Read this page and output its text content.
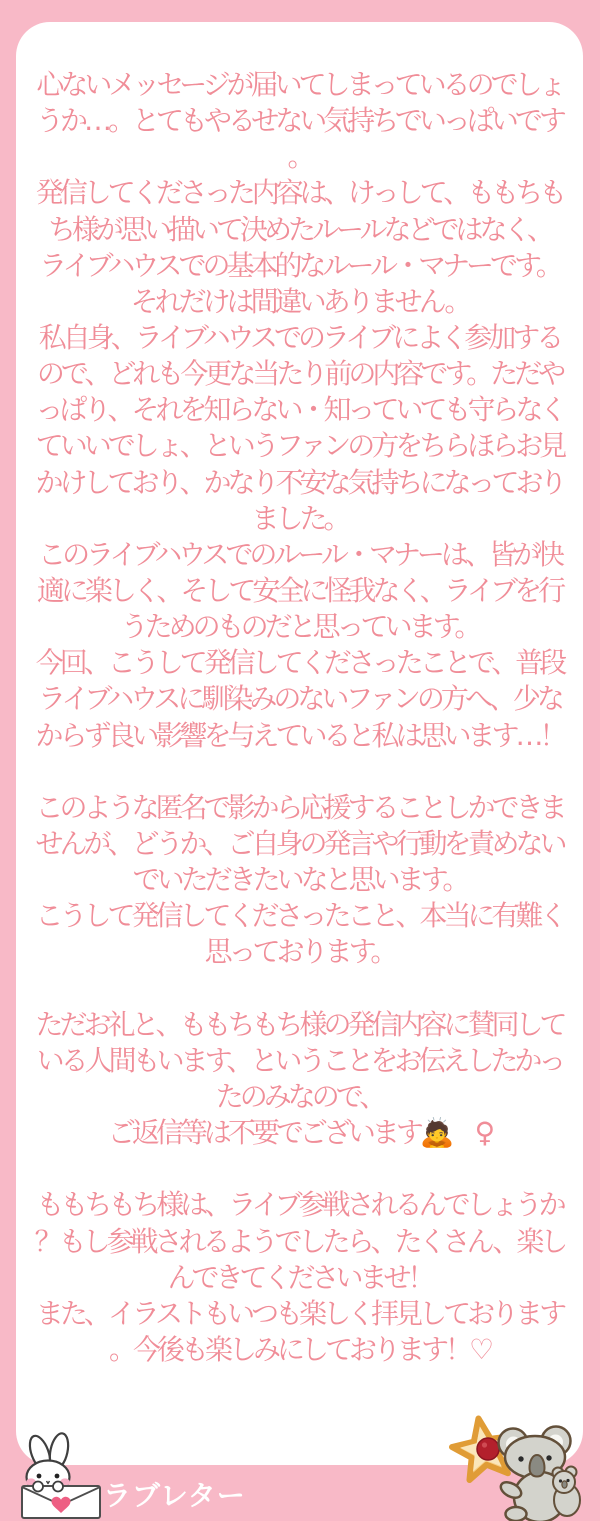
心ないメッセージが届いてしまっているのでしょ
うか…。とてもやるせない気持ちでいっぱいです
。
発信してくださった内容は、けっして、ももちも
ち様が思い描いて決めたルールなどではなく、
ライブハウスでの基本的なルール・マナーです。
それだけは間違いありません。
私自身、ライブハウスでのライブによく参加する
ので、どれも今更な当たり前の内容です。ただや
っぱり、それを知らない・知っていても守らなく
ていいでしょ、というファンの方をちらほらお見
かけしており、かなり不安な気持ちになっており
ました。
このライブハウスでのルール・マナーは、皆が快
適に楽しく、そして安全に怪我なく、ライブを行
うためのものだと思っています。
今回、こうして発信してくださったことで、普段
ライブハウスに馴染みのないファンの方へ、少な
からず良い影響を与えていると私は思います…！

このような匿名で影から応援することしかできま
せんが、どうか、ご自身の発言や行動を責めない
でいただきたいなと思います。
こうして発信してくださったこと、本当に有難く
思っております。

ただお礼と、ももちもち様の発信内容に賛同して
いる人間もいます、ということをお伝えしたかっ
たのみなので、
ご返信等は不要でございます🙇　♀

ももちもち様は、ライブ参戦されるんでしょうか
？もし参戦されるようでしたら、たくさん、楽し
んできてくださいませ！
また、イラストもいつも楽しく拝見しております
。今後も楽しみにしております！♡
ラブレター
